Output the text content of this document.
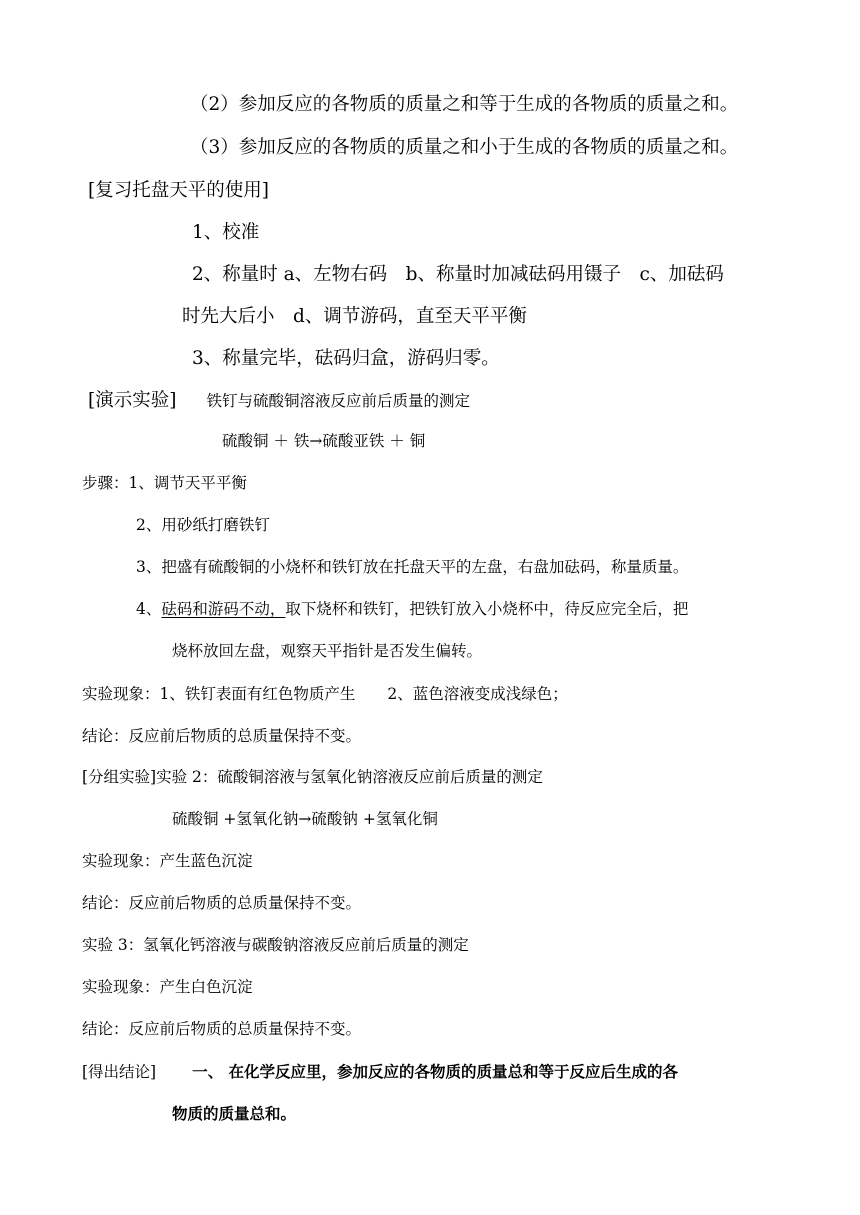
（2）参加反应的各物质的质量之和等于生成的各物质的质量之和。
（3）参加反应的各物质的质量之和小于生成的各物质的质量之和。
[复习托盘天平的使用]
1、校准
2、称量时 a、左物右码　b、称量时加减砝码用镊子　c、加砝码
时先大后小　d、调节游码，直至天平平衡
3、称量完毕，砝码归盒，游码归零。
[演示实验] 铁钉与硫酸铜溶液反应前后质量的测定
硫酸铜 ＋ 铁→硫酸亚铁 ＋ 铜
步骤：1、调节天平平衡
2、用砂纸打磨铁钉
3、把盛有硫酸铜的小烧杯和铁钉放在托盘天平的左盘，右盘加砝码，称量质量。
4、砝码和游码不动，取下烧杯和铁钉，把铁钉放入小烧杯中，待反应完全后，把
烧杯放回左盘，观察天平指针是否发生偏转。
实验现象：1、铁钉表面有红色物质产生 2、蓝色溶液变成浅绿色；
结论：反应前后物质的总质量保持不变。
[分组实验]实验 2：硫酸铜溶液与氢氧化钠溶液反应前后质量的测定
硫酸铜 +氢氧化钠→硫酸钠 +氢氧化铜
实验现象：产生蓝色沉淀
结论：反应前后物质的总质量保持不变。
实验 3：氢氧化钙溶液与碳酸钠溶液反应前后质量的测定
实验现象：产生白色沉淀
结论：反应前后物质的总质量保持不变。
[得出结论] 一、 在化学反应里，参加反应的各物质的质量总和等于反应后生成的各
物质的质量总和。
